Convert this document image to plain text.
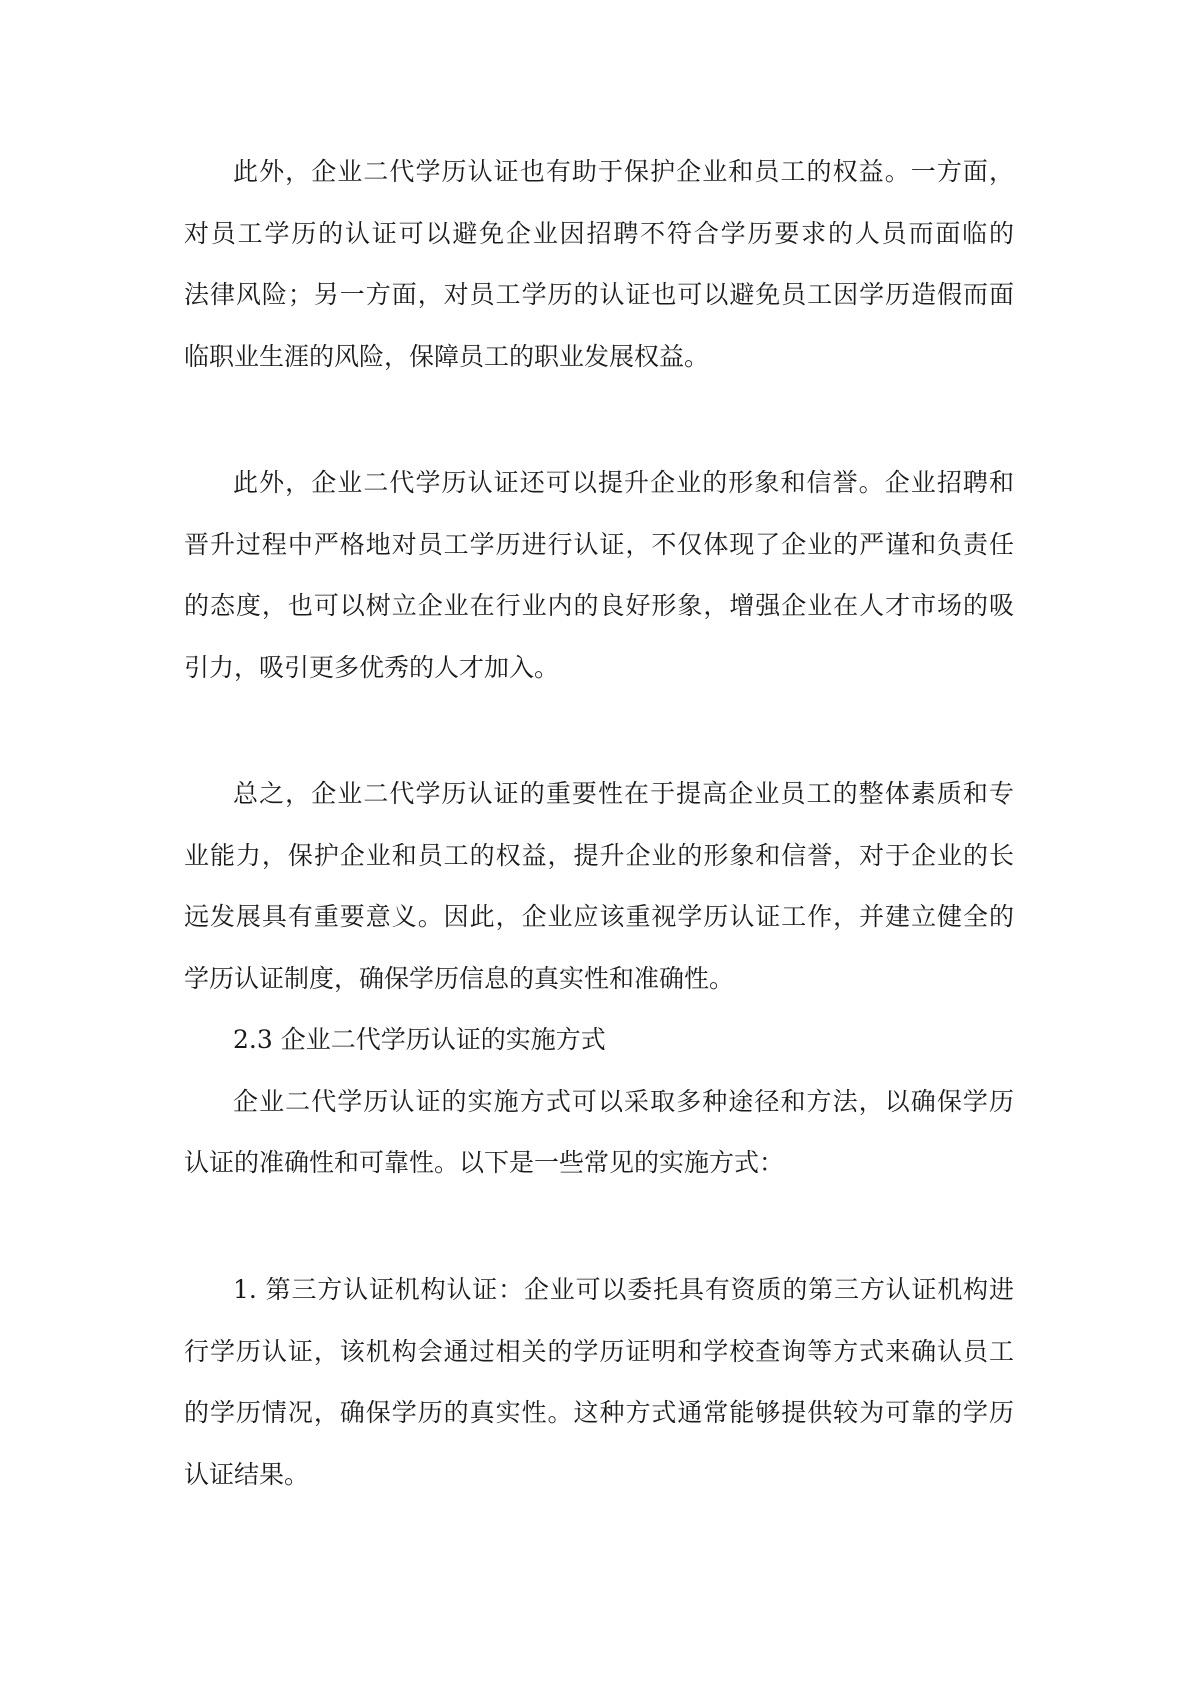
此外，企业二代学历认证也有助于保护企业和员工的权益。一方面，
对员工学历的认证可以避免企业因招聘不符合学历要求的人员而面临的
法律风险；另一方面，对员工学历的认证也可以避免员工因学历造假而面
临职业生涯的风险，保障员工的职业发展权益。
此外，企业二代学历认证还可以提升企业的形象和信誉。企业招聘和
晋升过程中严格地对员工学历进行认证，不仅体现了企业的严谨和负责任
的态度，也可以树立企业在行业内的良好形象，增强企业在人才市场的吸
引力，吸引更多优秀的人才加入。
总之，企业二代学历认证的重要性在于提高企业员工的整体素质和专
业能力，保护企业和员工的权益，提升企业的形象和信誉，对于企业的长
远发展具有重要意义。因此，企业应该重视学历认证工作，并建立健全的
学历认证制度，确保学历信息的真实性和准确性。
2.3 企业二代学历认证的实施方式
企业二代学历认证的实施方式可以采取多种途径和方法，以确保学历
认证的准确性和可靠性。以下是一些常见的实施方式：
1. 第三方认证机构认证：企业可以委托具有资质的第三方认证机构进
行学历认证，该机构会通过相关的学历证明和学校查询等方式来确认员工
的学历情况，确保学历的真实性。这种方式通常能够提供较为可靠的学历
认证结果。
